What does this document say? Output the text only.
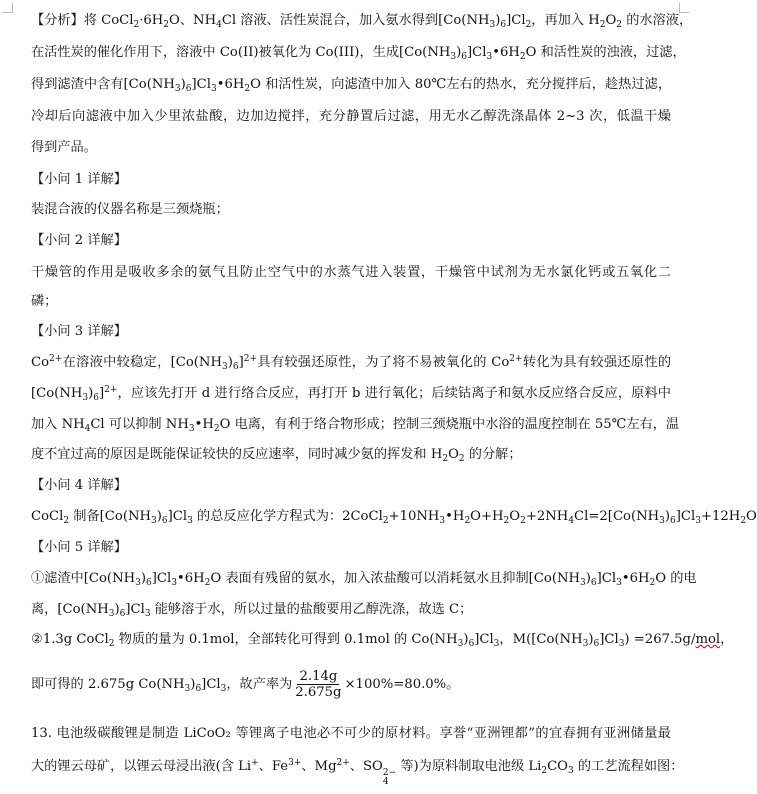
【分析】将 $CoCl_2\cdot 6H_2O$、$NH_4Cl$ 溶液、活性炭混合，加入氨水得到$[Co(NH_3)_6]Cl_2$，再加入 $H_2O_2$ 的水溶液，
在活性炭的催化作用下，溶液中 Co(II)被氧化为 Co(III)，生成$[Co(NH_3)_6]Cl_3•6H_2O$ 和活性炭的浊液，过滤，
得到滤渣中含有$[Co(NH_3)_6]Cl_3•6H_2O$ 和活性炭，向滤渣中加入 80℃左右的热水，充分搅拌后，趁热过滤，
冷却后向滤液中加入少里浓盐酸，边加边搅拌，充分静置后过滤，用无水乙醇洗涤晶体 2~3 次，低温干燥
得到产品。
【小问 1 详解】
装混合液的仪器名称是三颈烧瓶；
【小问 2 详解】
干燥管的作用是吸收多余的氨气且防止空气中的水蒸气进入装置，干燥管中试剂为无水氯化钙或五氧化二
磷；
【小问 3 详解】
$Co^{2+}$在溶液中较稳定，$[Co(NH_3)_6]^{2+}$具有较强还原性，为了将不易被氧化的 $Co^{2+}$转化为具有较强还原性的
$[Co(NH_3)_6]^{2+}$，应该先打开 d 进行络合反应，再打开 b 进行氧化；后续钴离子和氨水反应络合反应，原料中
加入 $NH_4Cl$ 可以抑制 $NH_3•H_2O$ 电离，有利于络合物形成；控制三颈烧瓶中水浴的温度控制在 55℃左右，温
度不宜过高的原因是既能保证较快的反应速率，同时减少氨的挥发和 $H_2O_2$ 的分解；
【小问 4 详解】
CoCl$_2$ 制备$[Co(NH_3)_6]Cl_3$ 的总反应化学方程式为：$2CoCl_2+10NH_3•H_2O+H_2O_2+2NH_4Cl=2[Co(NH_3)_6]Cl_3+12H_2O$
【小问 5 详解】
①滤渣中$[Co(NH_3)_6]Cl_3•6H_2O$ 表面有残留的氨水，加入浓盐酸可以消耗氨水且抑制$[Co(NH_3)_6]Cl_3•6H_2O$ 的电
离，$[Co(NH_3)_6]Cl_3$ 能够溶于水，所以过量的盐酸要用乙醇洗涤，故选 C；
②1.3g CoCl$_2$ 物质的量为 0.1mol，全部转化可得到 0.1mol 的 $Co(NH_3)_6]Cl_3$，$M([Co(NH_3)_6]Cl_3) =267.5g/mol$，
即可得的 2.675g $Co(NH_3)_6]Cl_3$，故产率为 $\frac{2.14g}{2.675g} \times 100\%=80.0\%$。
13. 电池级碳酸锂是制造 LiCoO₂ 等锂离子电池必不可少的原材料。享誉“亚洲锂都”的宜春拥有亚洲储量最
大的锂云母矿，以锂云母浸出液(含 Li+、$Fe^{3+}$、$Mg^{2+}$、SO 2−
4
等)为原料制取电池级 $Li_2CO_3$ 的工艺流程如图：
